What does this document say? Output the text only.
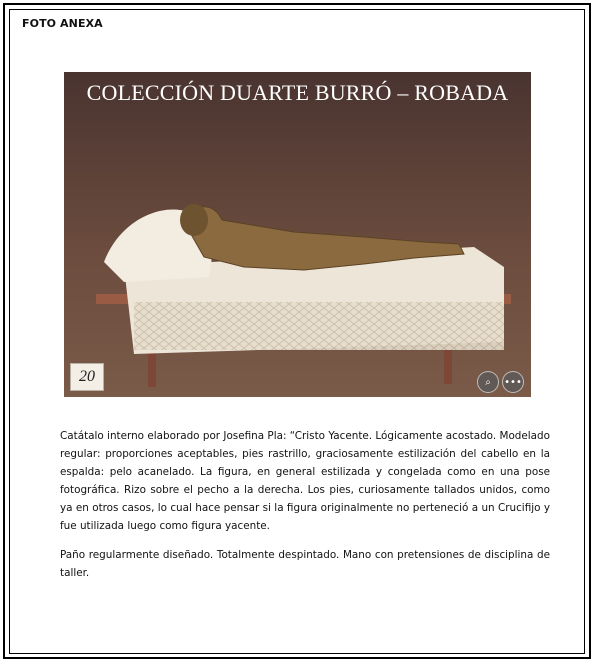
FOTO ANEXA
COLECCIÓN DUARTE BURRÓ – ROBADA
20	⌕ •••

Catátalo interno elaborado por Josefina Pla: “Cristo Yacente. Lógicamente acostado. Modelado regular: proporciones aceptables, pies rastrillo, graciosamente estilización del cabello en la espalda: pelo acanelado. La figura, en general estilizada y congelada como en una pose fotográfica. Rizo sobre el pecho a la derecha. Los pies, curiosamente tallados unidos, como ya en otros casos, lo cual hace pensar si la figura originalmente no perteneció a un Crucifijo y fue utilizada luego como figura yacente.

Paño regularmente diseñado. Totalmente despintado. Mano con pretensiones de disciplina de taller.
